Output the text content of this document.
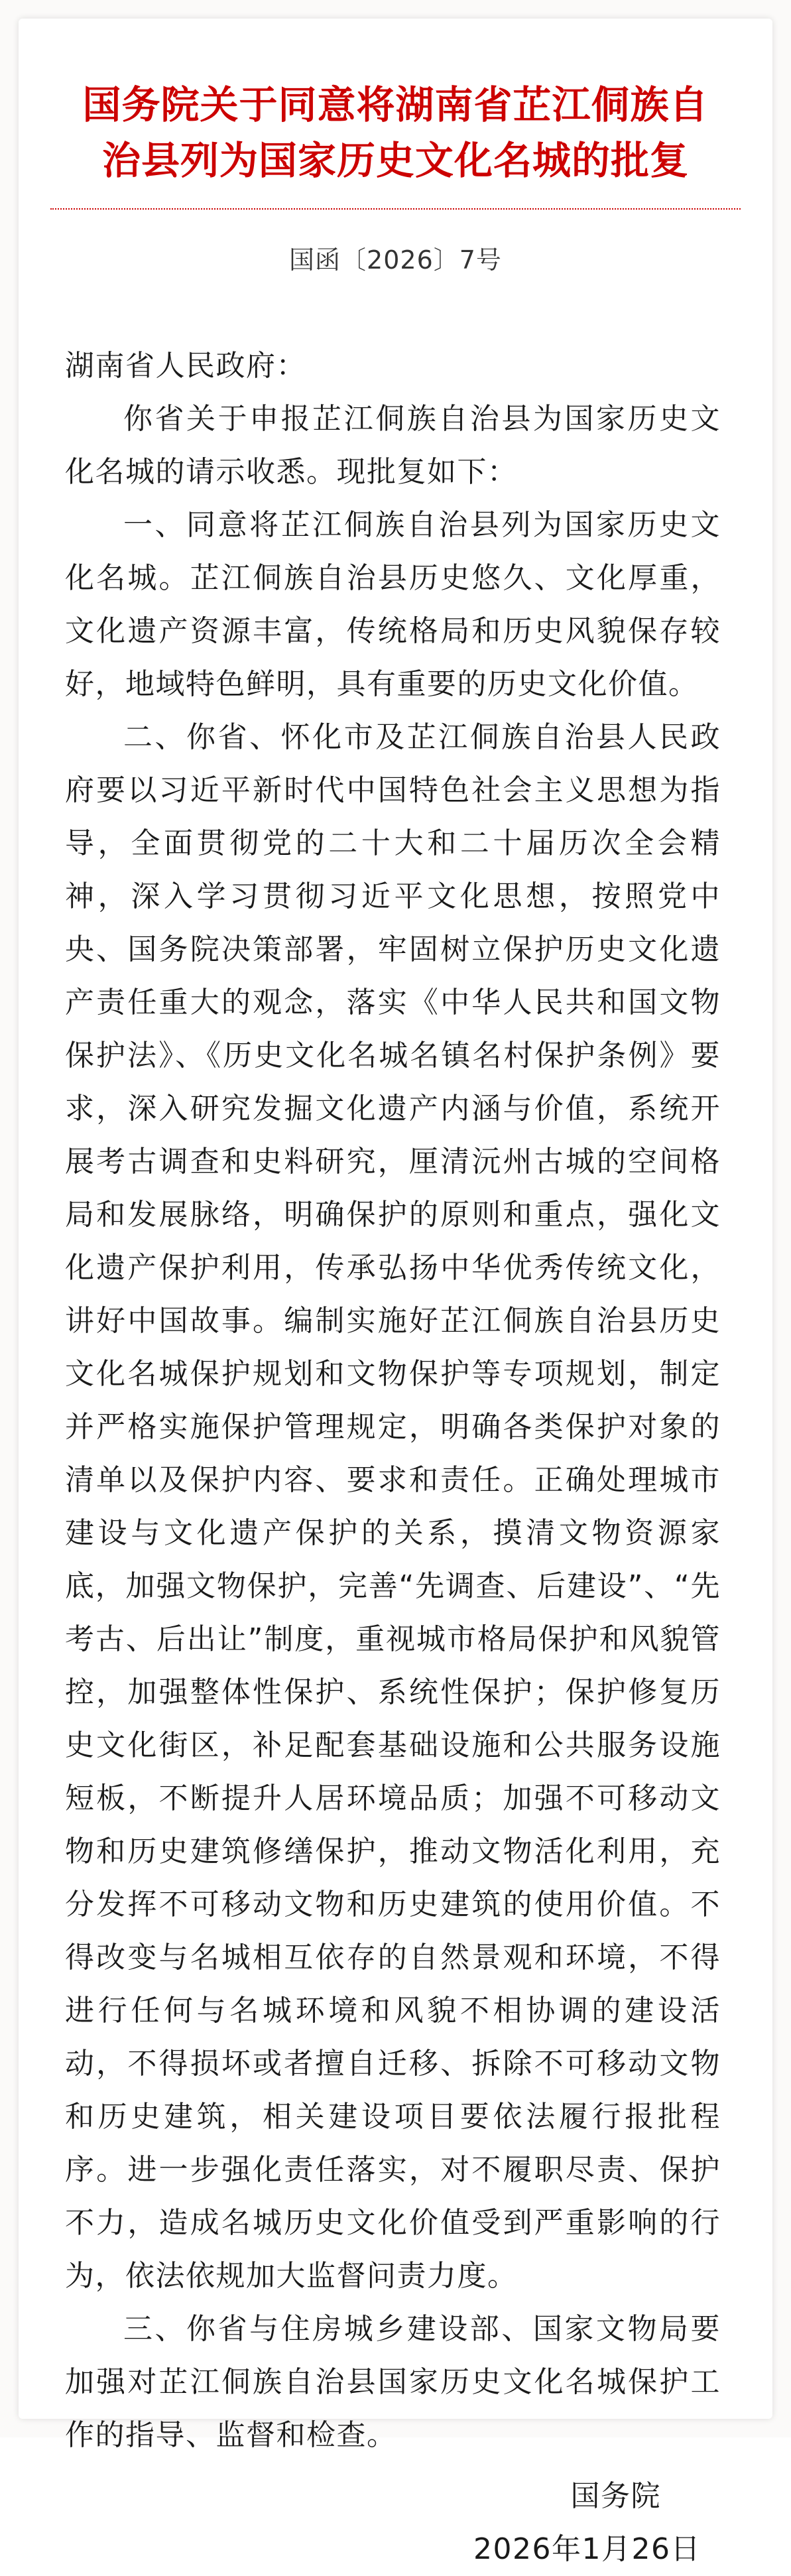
国务院关于同意将湖南省芷江侗族自
治县列为国家历史文化名城的批复
国函〔2026〕7号

湖南省人民政府：

你省关于申报芷江侗族自治县为国家历史文化名城的请示收悉。现批复如下：

一、同意将芷江侗族自治县列为国家历史文化名城。芷江侗族自治县历史悠久、文化厚重，文化遗产资源丰富，传统格局和历史风貌保存较好，地域特色鲜明，具有重要的历史文化价值。

二、你省、怀化市及芷江侗族自治县人民政府要以习近平新时代中国特色社会主义思想为指导，全面贯彻党的二十大和二十届历次全会精神，深入学习贯彻习近平文化思想，按照党中央、国务院决策部署，牢固树立保护历史文化遗产责任重大的观念，落实《中华人民共和国文物保护法》、《历史文化名城名镇名村保护条例》要求，深入研究发掘文化遗产内涵与价值，系统开展考古调查和史料研究，厘清沅州古城的空间格局和发展脉络，明确保护的原则和重点，强化文化遗产保护利用，传承弘扬中华优秀传统文化，讲好中国故事。编制实施好芷江侗族自治县历史文化名城保护规划和文物保护等专项规划，制定并严格实施保护管理规定，明确各类保护对象的清单以及保护内容、要求和责任。正确处理城市建设与文化遗产保护的关系，摸清文物资源家底，加强文物保护，完善“先调查、后建设”、“先考古、后出让”制度，重视城市格局保护和风貌管控，加强整体性保护、系统性保护；保护修复历史文化街区，补足配套基础设施和公共服务设施短板，不断提升人居环境品质；加强不可移动文物和历史建筑修缮保护，推动文物活化利用，充分发挥不可移动文物和历史建筑的使用价值。不得改变与名城相互依存的自然景观和环境，不得进行任何与名城环境和风貌不相协调的建设活动，不得损坏或者擅自迁移、拆除不可移动文物和历史建筑，相关建设项目要依法履行报批程序。进一步强化责任落实，对不履职尽责、保护不力，造成名城历史文化价值受到严重影响的行为，依法依规加大监督问责力度。

三、你省与住房城乡建设部、国家文物局要加强对芷江侗族自治县国家历史文化名城保护工作的指导、监督和检查。

国务院
2026年1月26日
